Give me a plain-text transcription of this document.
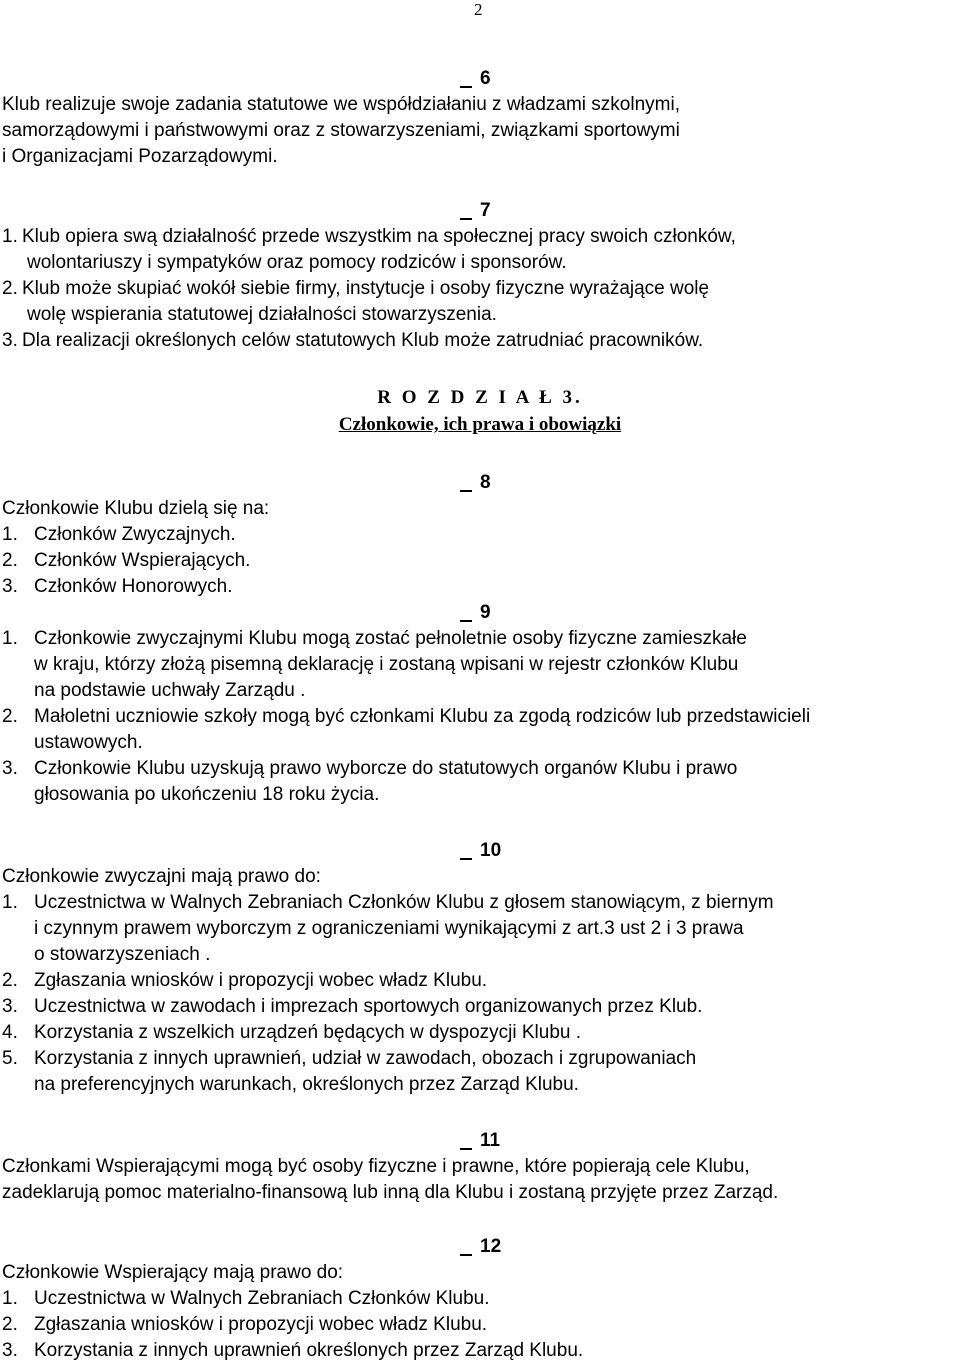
2
6
Klub realizuje swoje zadania statutowe we współdziałaniu z władzami szkolnymi,
samorządowymi i państwowymi oraz z stowarzyszeniami, związkami sportowymi
i Organizacjami Pozarządowymi.
7
1. Klub opiera swą działalność przede wszystkim na społecznej pracy swoich członków,
wolontariuszy i sympatyków oraz pomocy rodziców i sponsorów.
2. Klub może skupiać wokół siebie firmy, instytucje i osoby fizyczne wyrażające wolę
wolę wspierania statutowej działalności stowarzyszenia.
3. Dla realizacji określonych celów statutowych Klub może zatrudniać pracowników.
R O Z D Z I A Ł 3.
Członkowie, ich prawa i obowiązki
8
Członkowie Klubu dzielą się na:
1. Członków Zwyczajnych.
2. Członków Wspierających.
3. Członków Honorowych.
9
1. Członkowie zwyczajnymi Klubu mogą zostać pełnoletnie osoby fizyczne zamieszkałe
w kraju, którzy złożą pisemną deklarację i zostaną wpisani w rejestr członków Klubu
na podstawie uchwały Zarządu .
2. Małoletni uczniowie szkoły mogą być członkami Klubu za zgodą rodziców lub przedstawicieli
ustawowych.
3. Członkowie Klubu uzyskują prawo wyborcze do statutowych organów Klubu i prawo
głosowania po ukończeniu 18 roku życia.
10
Członkowie zwyczajni mają prawo do:
1. Uczestnictwa w Walnych Zebraniach Członków Klubu z głosem stanowiącym, z biernym
i czynnym prawem wyborczym z ograniczeniami wynikającymi z art.3 ust 2 i 3 prawa
o stowarzyszeniach .
2. Zgłaszania wniosków i propozycji wobec władz Klubu.
3. Uczestnictwa w zawodach i imprezach sportowych organizowanych przez Klub.
4. Korzystania z wszelkich urządzeń będących w dyspozycji Klubu .
5. Korzystania z innych uprawnień, udział w zawodach, obozach i zgrupowaniach
na preferencyjnych warunkach, określonych przez Zarząd Klubu.
11
Członkami Wspierającymi mogą być osoby fizyczne i prawne, które popierają cele Klubu,
zadeklarują pomoc materialno-finansową lub inną dla Klubu i zostaną przyjęte przez Zarząd.
12
Członkowie Wspierający mają prawo do:
1. Uczestnictwa w Walnych Zebraniach Członków Klubu.
2. Zgłaszania wniosków i propozycji wobec władz Klubu.
3. Korzystania z innych uprawnień określonych przez Zarząd Klubu.
